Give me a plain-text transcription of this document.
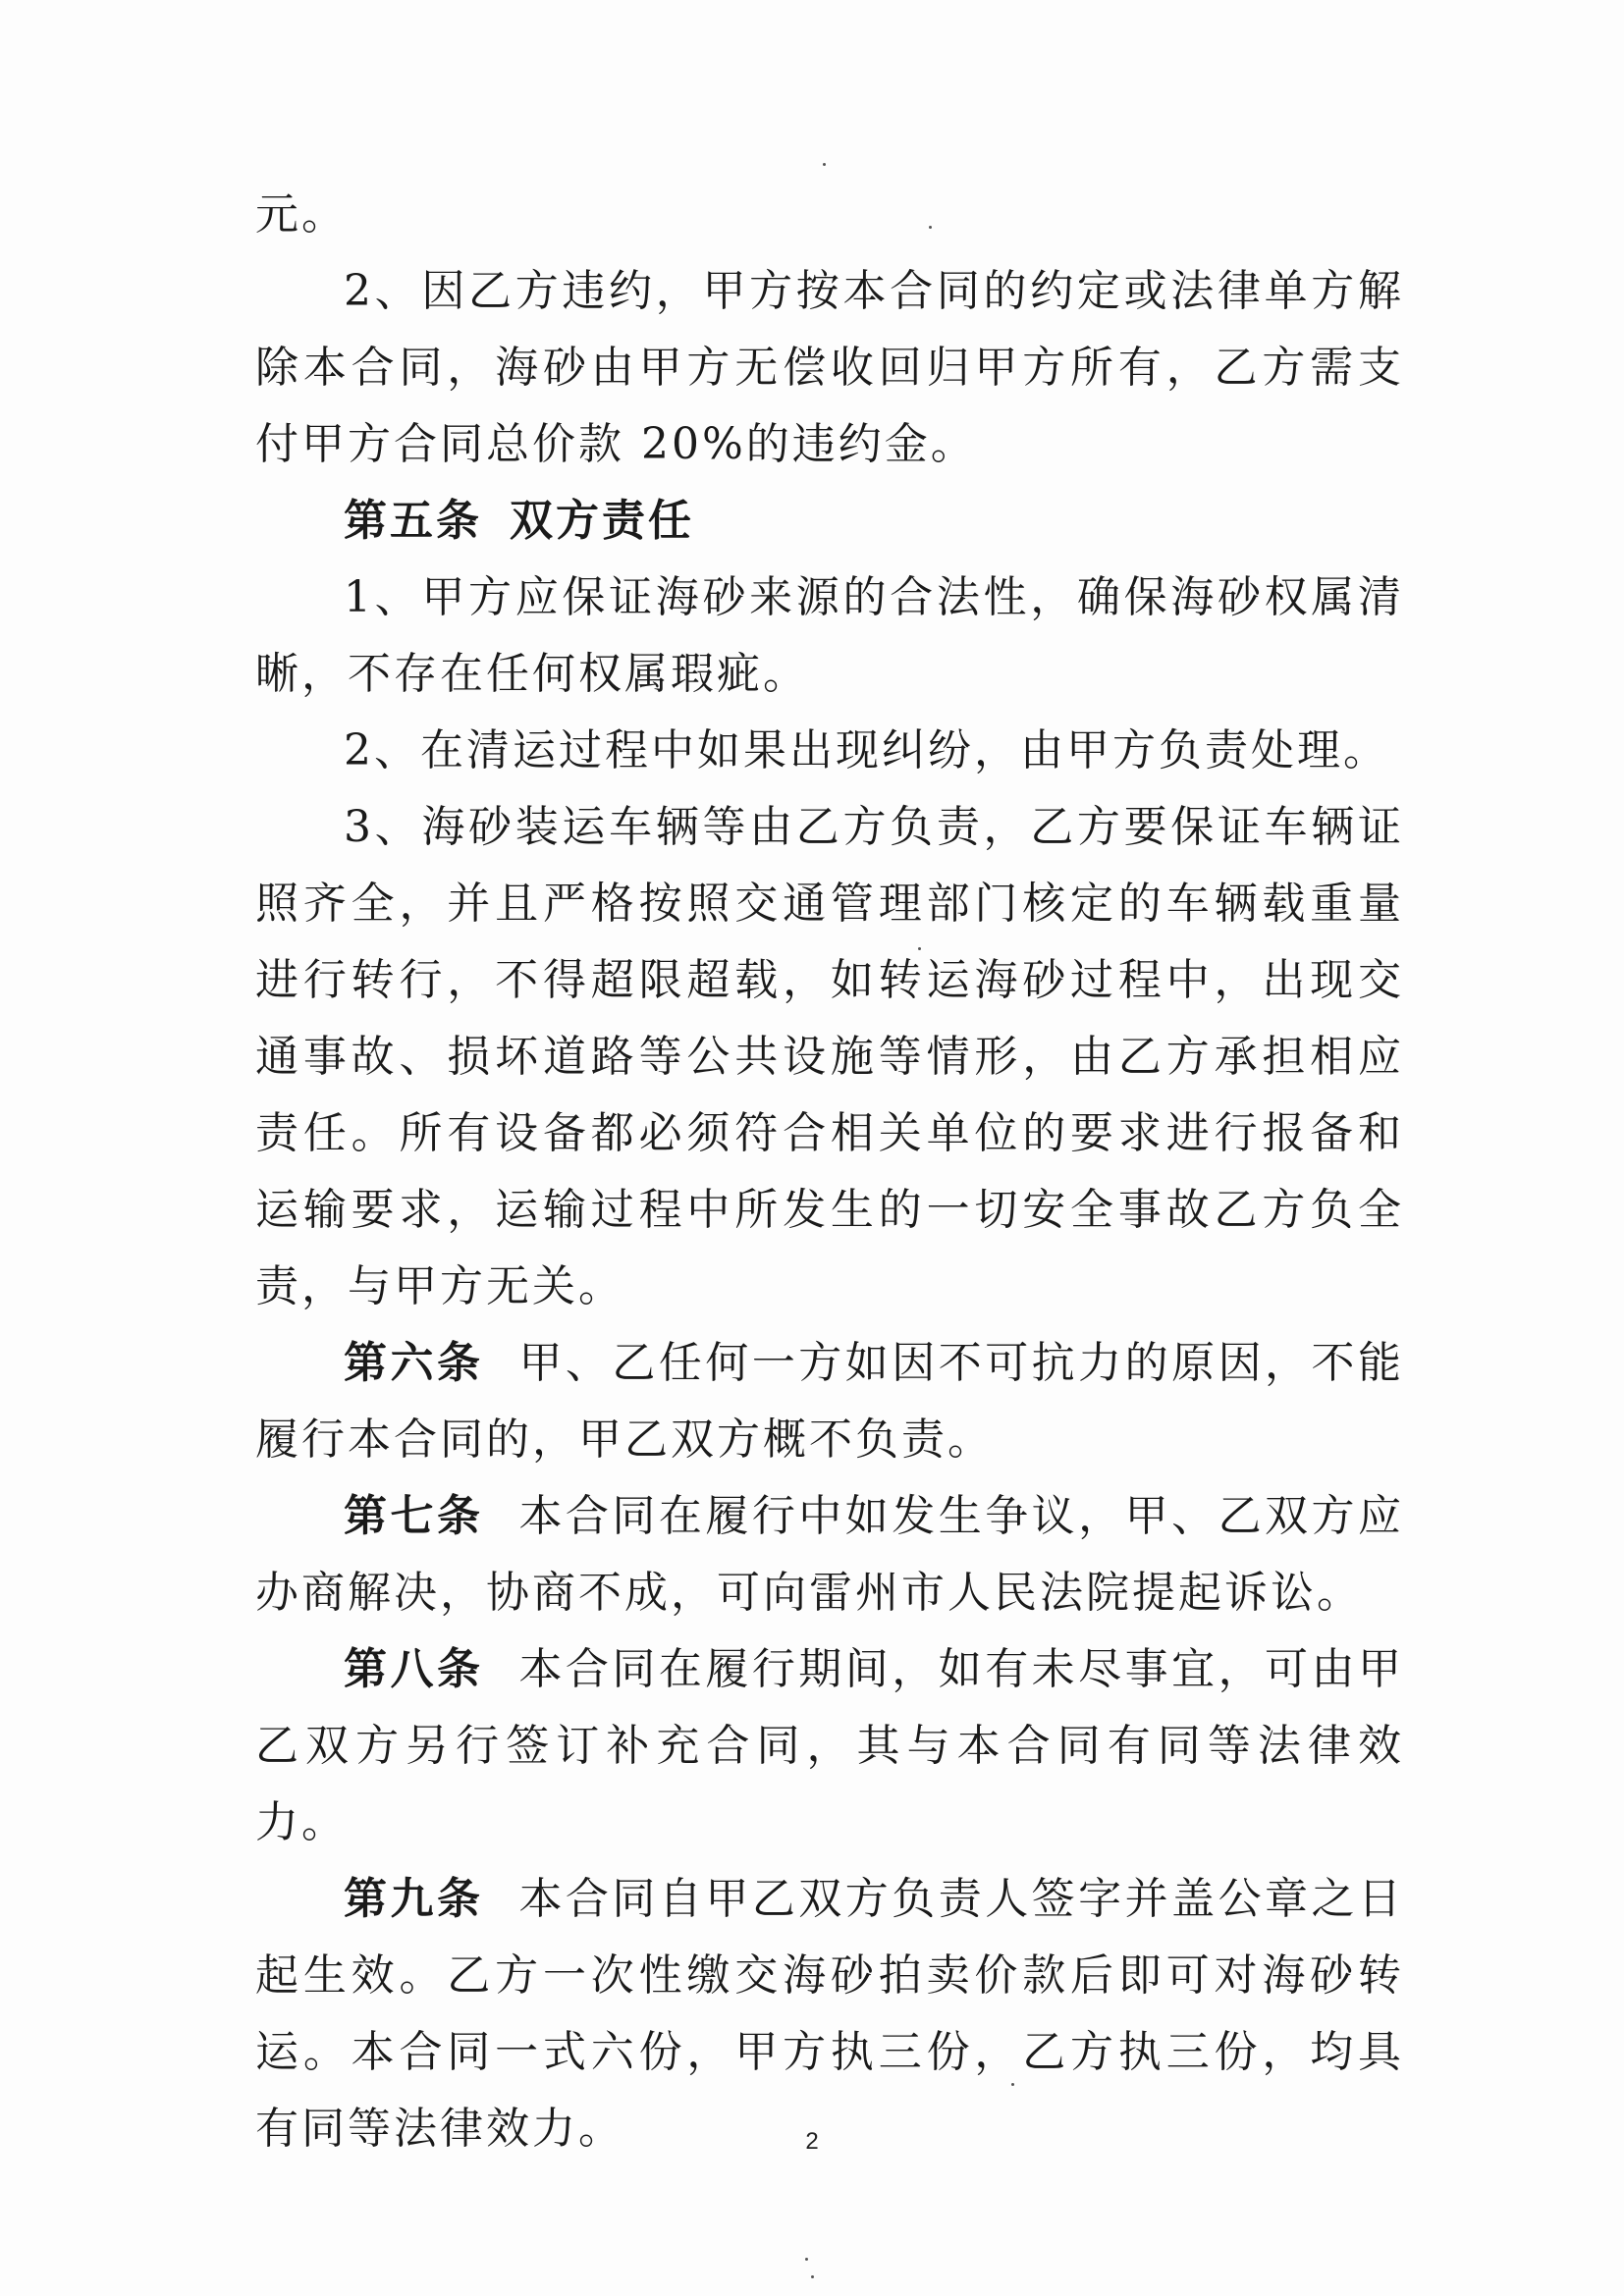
元。

2、因乙方违约，甲方按本合同的约定或法律单方解除本合同，海砂由甲方无偿收回归甲方所有，乙方需支付甲方合同总价款 20%的违约金。

第五条 双方责任

1、甲方应保证海砂来源的合法性，确保海砂权属清晰，不存在任何权属瑕疵。

2、在清运过程中如果出现纠纷，由甲方负责处理。

3、海砂装运车辆等由乙方负责，乙方要保证车辆证照齐全，并且严格按照交通管理部门核定的车辆载重量进行转行，不得超限超载，如转运海砂过程中，出现交通事故、损坏道路等公共设施等情形，由乙方承担相应责任。所有设备都必须符合相关单位的要求进行报备和运输要求，运输过程中所发生的一切安全事故乙方负全责，与甲方无关。

第六条 甲、乙任何一方如因不可抗力的原因，不能履行本合同的，甲乙双方概不负责。

第七条 本合同在履行中如发生争议，甲、乙双方应办商解决，协商不成，可向雷州市人民法院提起诉讼。

第八条 本合同在履行期间，如有未尽事宜，可由甲乙双方另行签订补充合同，其与本合同有同等法律效力。

第九条 本合同自甲乙双方负责人签字并盖公章之日起生效。乙方一次性缴交海砂拍卖价款后即可对海砂转运。本合同一式六份，甲方执三份，乙方执三份，均具有同等法律效力。	2
